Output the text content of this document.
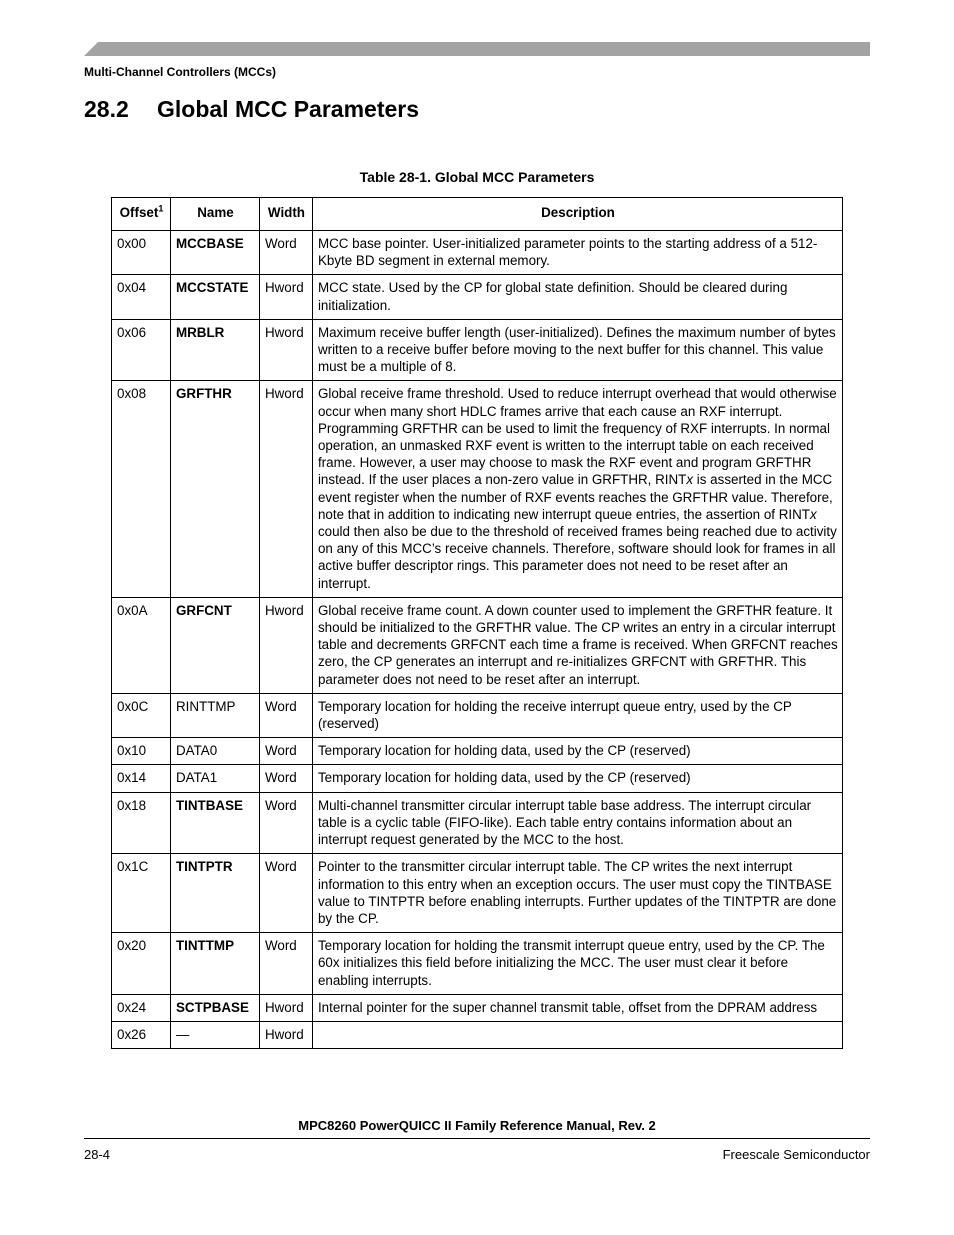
Multi-Channel Controllers (MCCs)
28.2 Global MCC Parameters
Table 28-1. Global MCC Parameters
Offset$^1$	Name	Width	Description
0x00	MCCBASE	Word	MCC base pointer. User-initialized parameter points to the starting address of a 512-Kbyte BD segment in external memory.
0x04	MCCSTATE	Hword	MCC state. Used by the CP for global state definition. Should be cleared during initialization.
0x06	MRBLR	Hword	Maximum receive buffer length (user-initialized). Defines the maximum number of bytes written to a receive buffer before moving to the next buffer for this channel. This value must be a multiple of 8.
0x08	GRFTHR	Hword	Global receive frame threshold. Used to reduce interrupt overhead that would otherwise occur when many short HDLC frames arrive that each cause an RXF interrupt. Programming GRFTHR can be used to limit the frequency of RXF interrupts. In normal operation, an unmasked RXF event is written to the interrupt table on each received frame. However, a user may choose to mask the RXF event and program GRFTHR instead. If the user places a non-zero value in GRFTHR, RINTx is asserted in the MCC event register when the number of RXF events reaches the GRFTHR value. Therefore, note that in addition to indicating new interrupt queue entries, the assertion of RINTx could then also be due to the threshold of received frames being reached due to activity on any of this MCC’s receive channels. Therefore, software should look for frames in all active buffer descriptor rings. This parameter does not need to be reset after an interrupt.
0x0A	GRFCNT	Hword	Global receive frame count. A down counter used to implement the GRFTHR feature. It should be initialized to the GRFTHR value. The CP writes an entry in a circular interrupt table and decrements GRFCNT each time a frame is received. When GRFCNT reaches zero, the CP generates an interrupt and re-initializes GRFCNT with GRFTHR. This parameter does not need to be reset after an interrupt.
0x0C	RINTTMP	Word	Temporary location for holding the receive interrupt queue entry, used by the CP (reserved)
0x10	DATA0	Word	Temporary location for holding data, used by the CP (reserved)
0x14	DATA1	Word	Temporary location for holding data, used by the CP (reserved)
0x18	TINTBASE	Word	Multi-channel transmitter circular interrupt table base address. The interrupt circular table is a cyclic table (FIFO-like). Each table entry contains information about an interrupt request generated by the MCC to the host.
0x1C	TINTPTR	Word	Pointer to the transmitter circular interrupt table. The CP writes the next interrupt information to this entry when an exception occurs. The user must copy the TINTBASE value to TINTPTR before enabling interrupts. Further updates of the TINTPTR are done by the CP.
0x20	TINTTMP	Word	Temporary location for holding the transmit interrupt queue entry, used by the CP. The 60x initializes this field before initializing the MCC. The user must clear it before enabling interrupts.
0x24	SCTPBASE	Hword	Internal pointer for the super channel transmit table, offset from the DPRAM address
0x26	—	Hword	
MPC8260 PowerQUICC II Family Reference Manual, Rev. 2
28-4	Freescale Semiconductor
